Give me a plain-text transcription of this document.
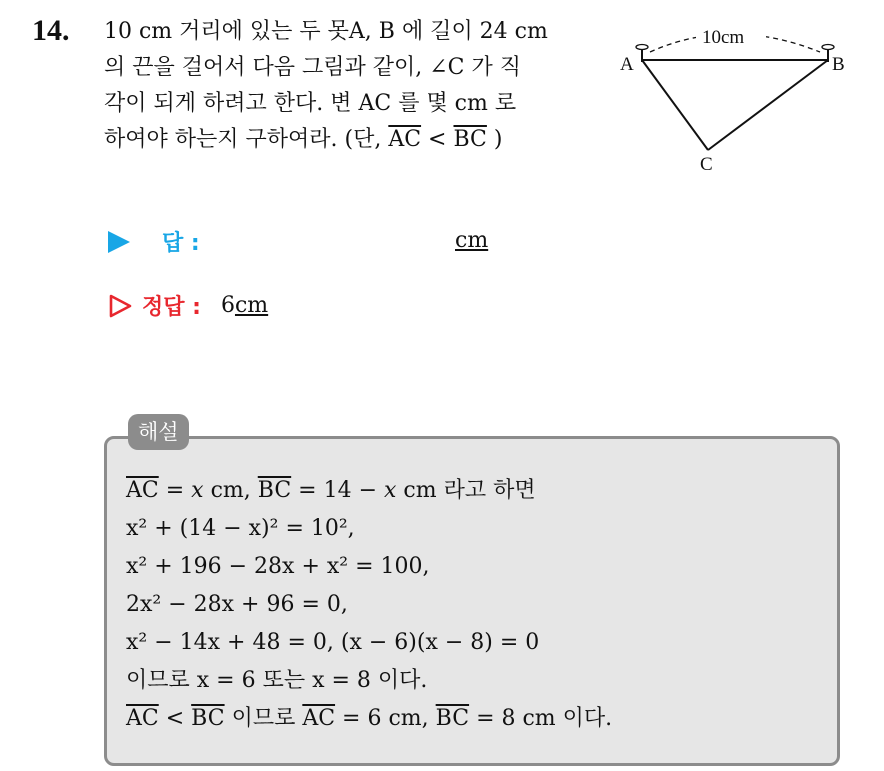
14. 10 cm 거리에 있는 두 못A, B 에 길이 24 cm
의 끈을 걸어서 다음 그림과 같이, ∠C 가 직
각이 되게 하려고 한다. 변 AC 를 몇 cm 로
하여야 하는지 구하여라. (단, $\overline{AC} < \overline{BC}$ )
10cm
A	B
C
답 :	cm
정답 : 6cm
해설
$\overline{AC} = x$ cm, $\overline{BC} = 14 - x$ cm 라고 하면
x² + (14 − x)² = 10²,
x² + 196 − 28x + x² = 100,
2x² − 28x + 96 = 0,
x² − 14x + 48 = 0, (x − 6)(x − 8) = 0
이므로 x = 6 또는 x = 8 이다.
$\overline{AC} < \overline{BC}$ 이므로 $\overline{AC} = 6$ cm, $\overline{BC} = 8$ cm 이다.
